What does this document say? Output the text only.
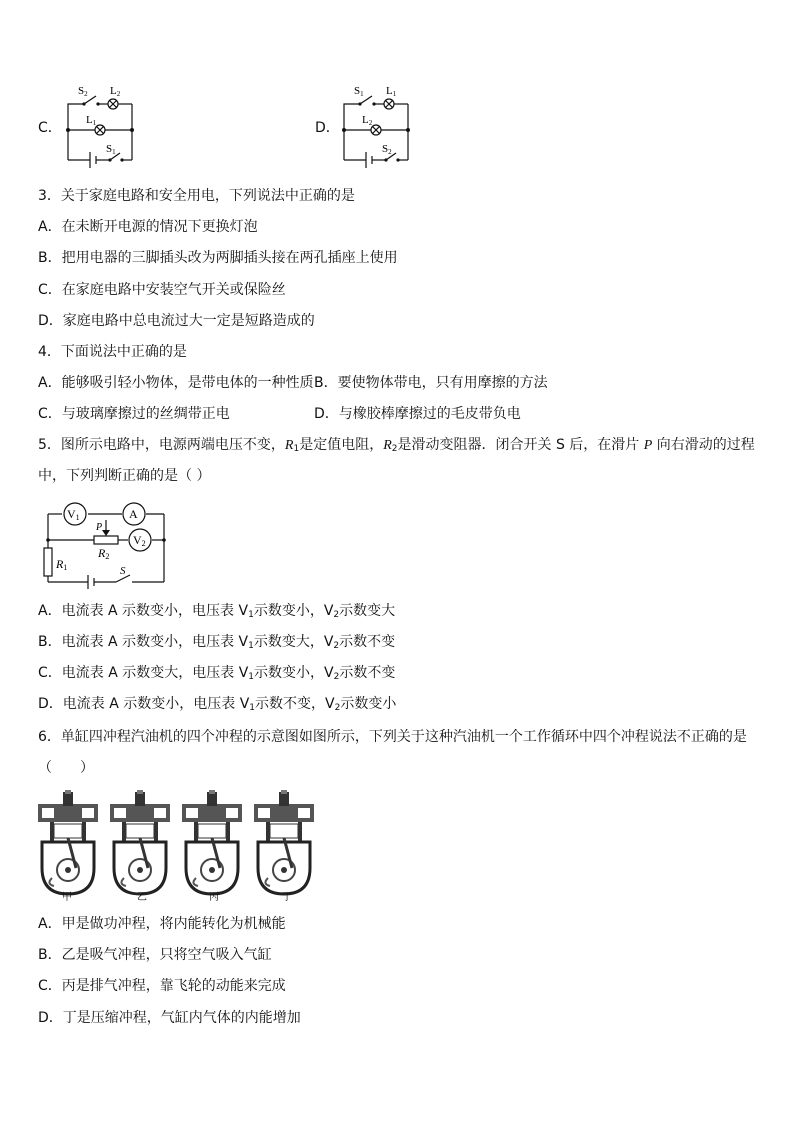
C．
S2 L2
L1
S1
D．
S1 L1
L2
S2
3．关于家庭电路和安全用电，下列说法中正确的是
A．在未断开电源的情况下更换灯泡
B．把用电器的三脚插头改为两脚插头接在两孔插座上使用
C．在家庭电路中安装空气开关或保险丝
D．家庭电路中总电流过大一定是短路造成的
4．下面说法中正确的是
A．能够吸引轻小物体，是带电体的一种性质 B．要使物体带电，只有用摩擦的方法
C．与玻璃摩擦过的丝绸带正电	D．与橡胶棒摩擦过的毛皮带负电
5．图所示电路中，电源两端电压不变，$R_1$是定值电阻，$R_2$是滑动变阻器．闭合开关 S 后，在滑片 P 向右滑动的过程
中，下列判断正确的是（ ）
V1	A
V2
P
R2
R1	S
A．电流表 A 示数变小，电压表 $V_1$示数变小，$V_2$示数变大
B．电流表 A 示数变小，电压表 $V_1$示数变大，$V_2$示数不变
C．电流表 A 示数变大，电压表 $V_1$示数变小，$V_2$示数不变
D．电流表 A 示数变小，电压表 $V_1$示数不变，$V_2$示数变小
6．单缸四冲程汽油机的四个冲程的示意图如图所示，下列关于这种汽油机一个工作循环中四个冲程说法不正确的是
（　　）
甲	乙	丙	丁
A．甲是做功冲程，将内能转化为机械能
B．乙是吸气冲程，只将空气吸入气缸
C．丙是排气冲程，靠飞轮的动能来完成
D．丁是压缩冲程，气缸内气体的内能增加
